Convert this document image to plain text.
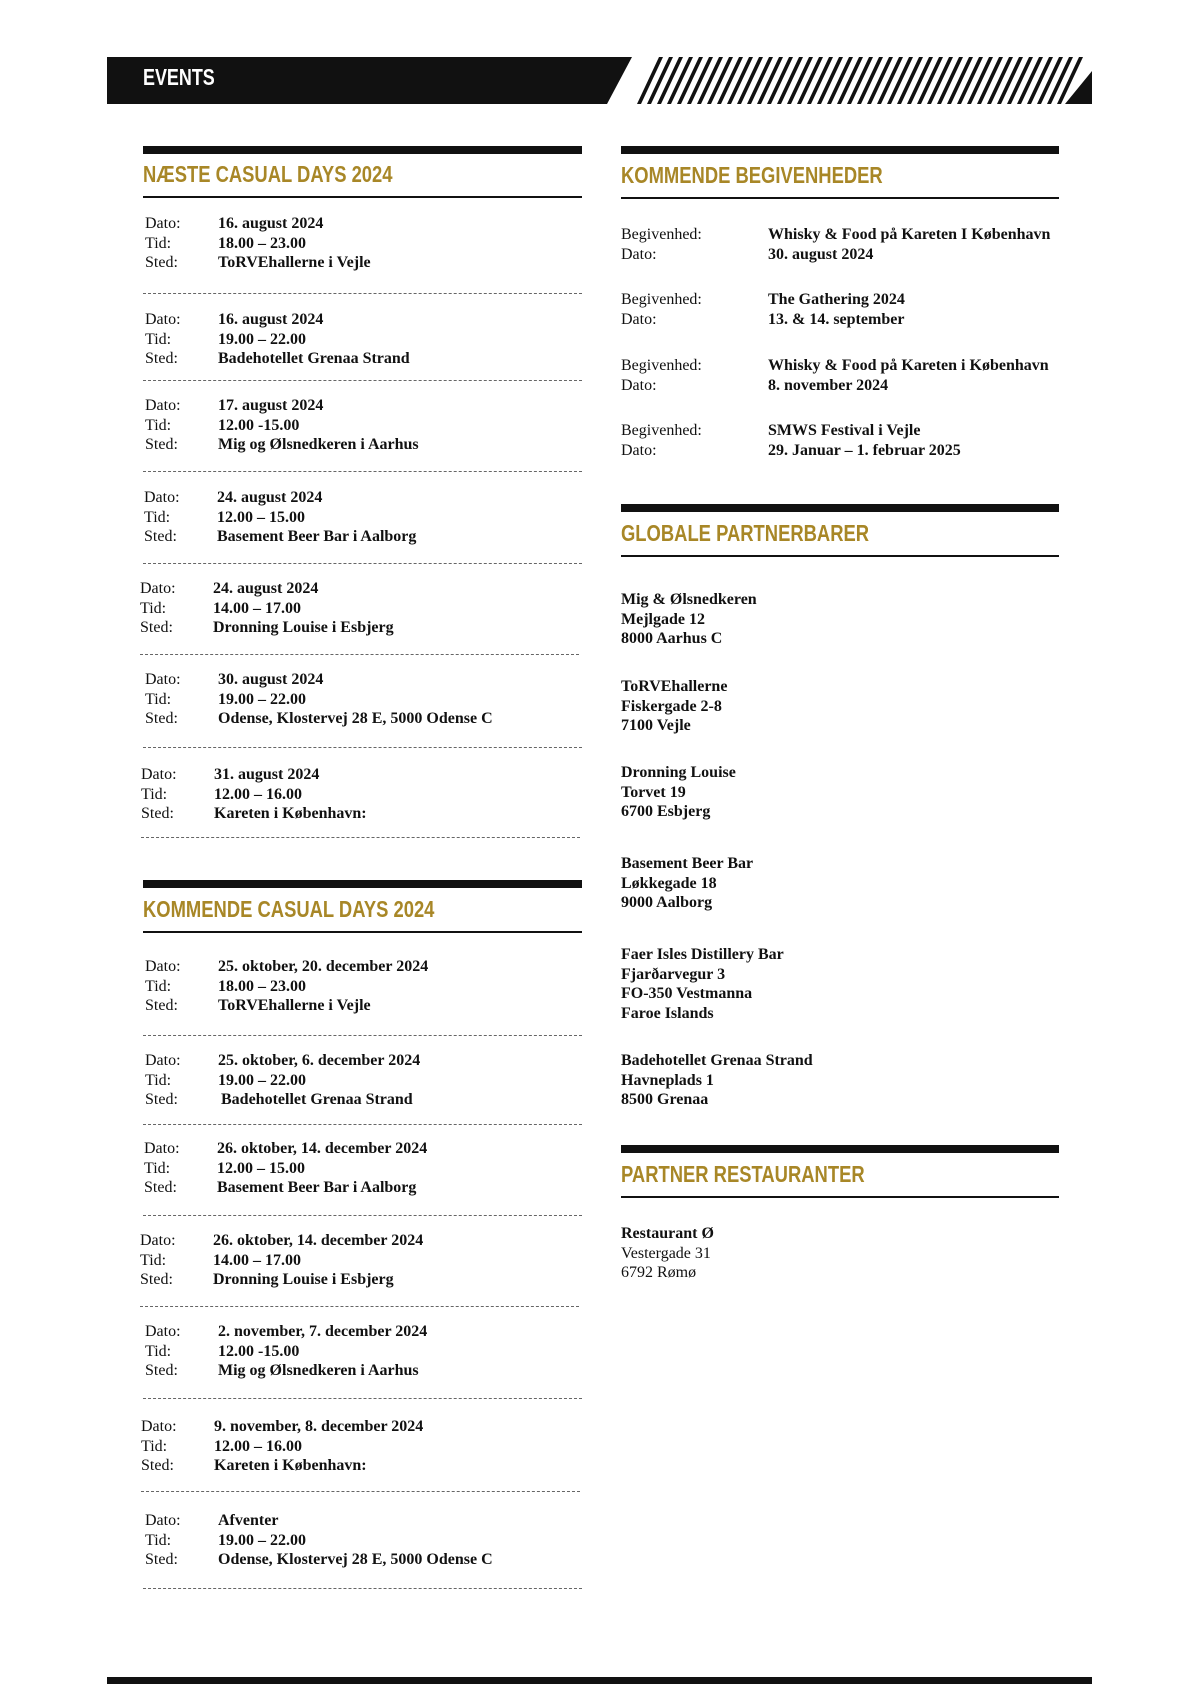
EVENTS
NÆSTE CASUAL DAYS 2024
Dato:	16. august 2024
Tid:	18.00 – 23.00
Sted:	ToRVEhallerne i Vejle
Dato:	16. august 2024
Tid:	19.00 – 22.00
Sted:	Badehotellet Grenaa Strand
Dato:	17. august 2024
Tid:	12.00 -15.00
Sted:	Mig og Ølsnedkeren i Aarhus
Dato:	24. august 2024
Tid:	12.00 – 15.00
Sted:	Basement Beer Bar i Aalborg
Dato:	24. august 2024
Tid:	14.00 – 17.00
Sted:	Dronning Louise i Esbjerg
Dato:	30. august 2024
Tid:	19.00 – 22.00
Sted:	Odense, Klostervej 28 E, 5000 Odense C
Dato:	31. august 2024
Tid:	12.00 – 16.00
Sted:	Kareten i København:
KOMMENDE CASUAL DAYS 2024
Dato:	25. oktober, 20. december 2024
Tid:	18.00 – 23.00
Sted:	ToRVEhallerne i Vejle
Dato:	25. oktober, 6. december 2024
Tid:	19.00 – 22.00
Sted:	Badehotellet Grenaa Strand
Dato:	26. oktober, 14. december 2024
Tid:	12.00 – 15.00
Sted:	Basement Beer Bar i Aalborg
Dato:	26. oktober, 14. december 2024
Tid:	14.00 – 17.00
Sted:	Dronning Louise i Esbjerg
Dato:	2. november, 7. december 2024
Tid:	12.00 -15.00
Sted:	Mig og Ølsnedkeren i Aarhus
Dato:	9. november, 8. december 2024
Tid:	12.00 – 16.00
Sted:	Kareten i København:
Dato:	Afventer
Tid:	19.00 – 22.00
Sted:	Odense, Klostervej 28 E, 5000 Odense C
KOMMENDE BEGIVENHEDER
Begivenhed:	Whisky & Food på Kareten I København
Dato:	30. august 2024
Begivenhed:	The Gathering 2024
Dato:	13. & 14. september
Begivenhed:	Whisky & Food på Kareten i København
Dato:	8. november 2024
Begivenhed:	SMWS Festival i Vejle
Dato:	29. Januar – 1. februar 2025
GLOBALE PARTNERBARER
Mig & Ølsnedkeren
Mejlgade 12
8000 Aarhus C
ToRVEhallerne
Fiskergade 2-8
7100 Vejle
Dronning Louise
Torvet 19
6700 Esbjerg
Basement Beer Bar
Løkkegade 18
9000 Aalborg
Faer Isles Distillery Bar
Fjarðarvegur 3
FO-350 Vestmanna
Faroe Islands
Badehotellet Grenaa Strand
Havneplads 1
8500 Grenaa
PARTNER RESTAURANTER
Restaurant Ø
Vestergade 31
6792 Rømø
